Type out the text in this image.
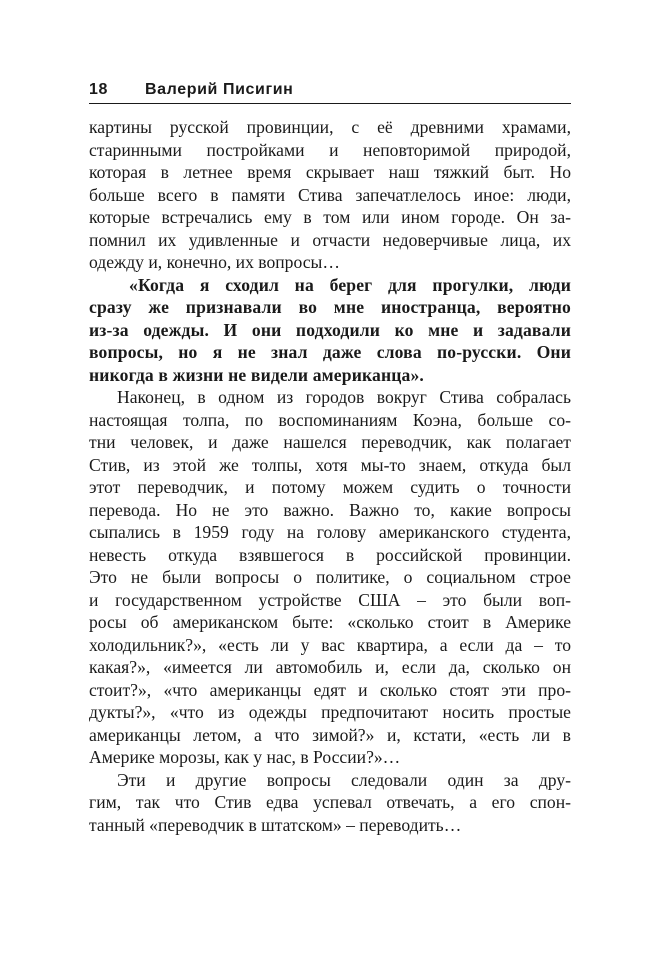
18	Валерий Писигин
картины русской провинции, с её древними храмами,
старинными постройками и неповторимой природой,
которая в летнее время скрывает наш тяжкий быт. Но
больше всего в памяти Стива запечатлелось иное: люди,
которые встречались ему в том или ином городе. Он за-
помнил их удивленные и отчасти недоверчивые лица, их
одежду и, конечно, их вопросы…
«Когда я сходил на берег для прогулки, люди
сразу же признавали во мне иностранца, вероятно
из-за одежды. И они подходили ко мне и задавали
вопросы, но я не знал даже слова по-русски. Они
никогда в жизни не видели американца».
Наконец, в одном из городов вокруг Стива собралась
настоящая толпа, по воспоминаниям Коэна, больше со-
тни человек, и даже нашелся переводчик, как полагает
Стив, из этой же толпы, хотя мы-то знаем, откуда был
этот переводчик, и потому можем судить о точности
перевода. Но не это важно. Важно то, какие вопросы
сыпались в 1959 году на голову американского студента,
невесть откуда взявшегося в российской провинции.
Это не были вопросы о политике, о социальном строе
и государственном устройстве США – это были воп-
росы об американском быте: «сколько стоит в Америке
холодильник?», «есть ли у вас квартира, а если да – то
какая?», «имеется ли автомобиль и, если да, сколько он
стоит?», «что американцы едят и сколько стоят эти про-
дукты?», «что из одежды предпочитают носить простые
американцы летом, а что зимой?» и, кстати, «есть ли в
Америке морозы, как у нас, в России?»…
Эти и другие вопросы следовали один за дру-
гим, так что Стив едва успевал отвечать, а его спон-
танный «переводчик в штатском» – переводить…
